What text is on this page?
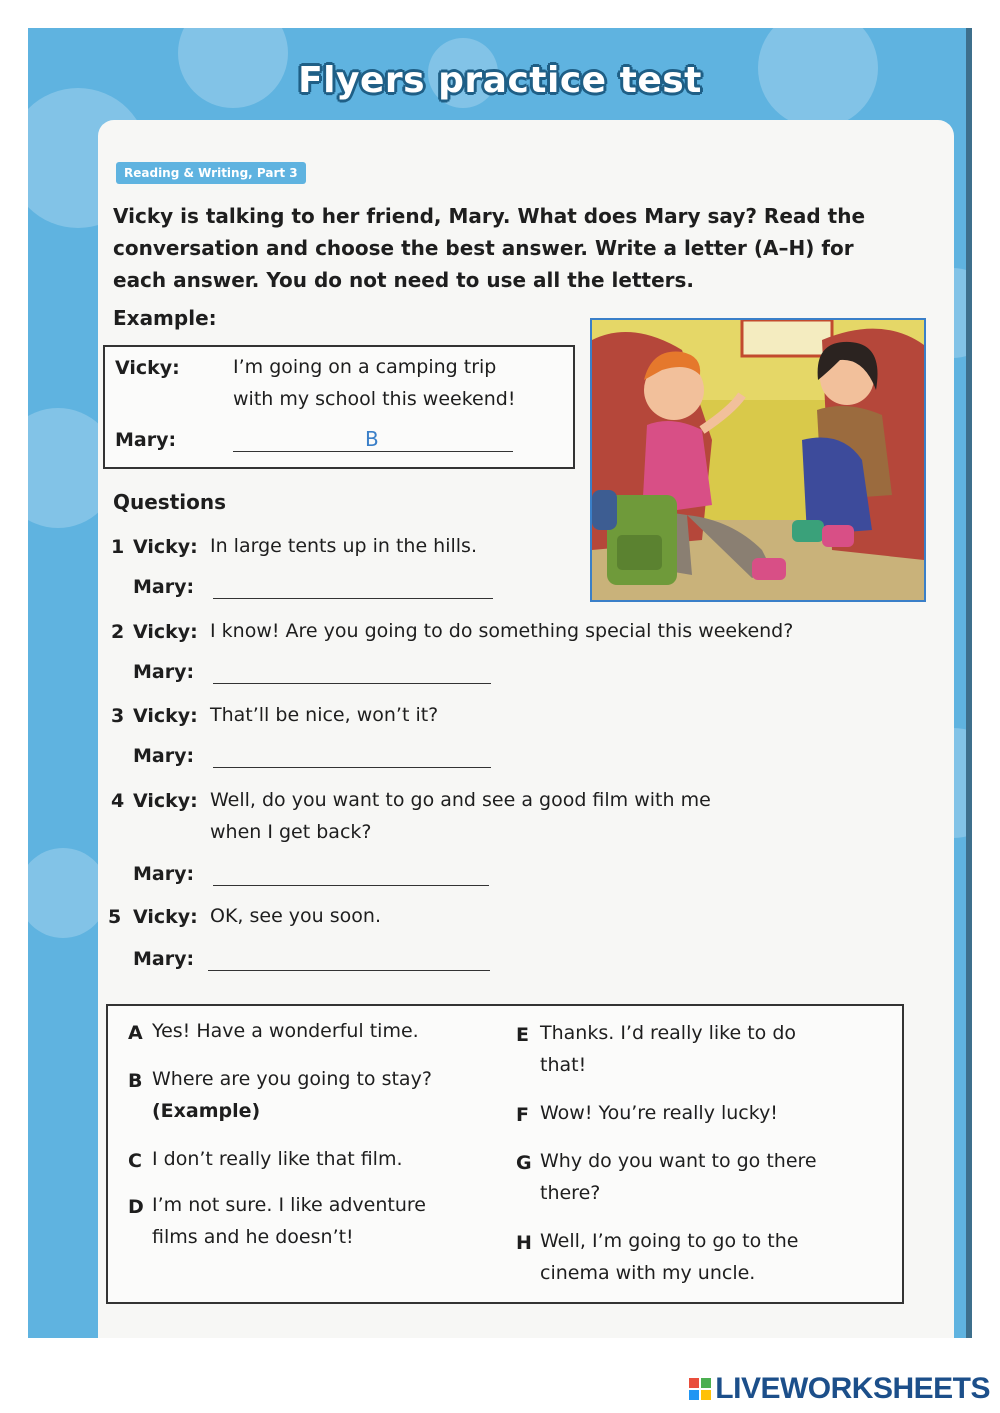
Flyers practice test
Reading & Writing, Part 3

Vicky is talking to her friend, Mary. What does Mary say? Read the conversation and choose the best answer. Write a letter (A–H) for each answer. You do not need to use all the letters.

Example:
Vicky:	I’m going on a camping trip
with my school this weekend!
Mary:	B
Questions
1 Vicky: In large tents up in the hills.
Mary:
2 Vicky: I know! Are you going to do something special this weekend?
Mary:
3 Vicky: That’ll be nice, won’t it?
Mary:
4 Vicky: Well, do you want to go and see a good film with me
when I get back?
Mary:
5 Vicky: OK, see you soon.
Mary:
A Yes! Have a wonderful time.
B Where are you going to stay?
(Example)
C I don’t really like that film.
D I’m not sure. I like adventure
films and he doesn’t!
E Thanks. I’d really like to do
that!
F Wow! You’re really lucky!
G Why do you want to go there
there?
H Well, I’m going to go to the
cinema with my uncle.
LIVEWORKSHEETS
